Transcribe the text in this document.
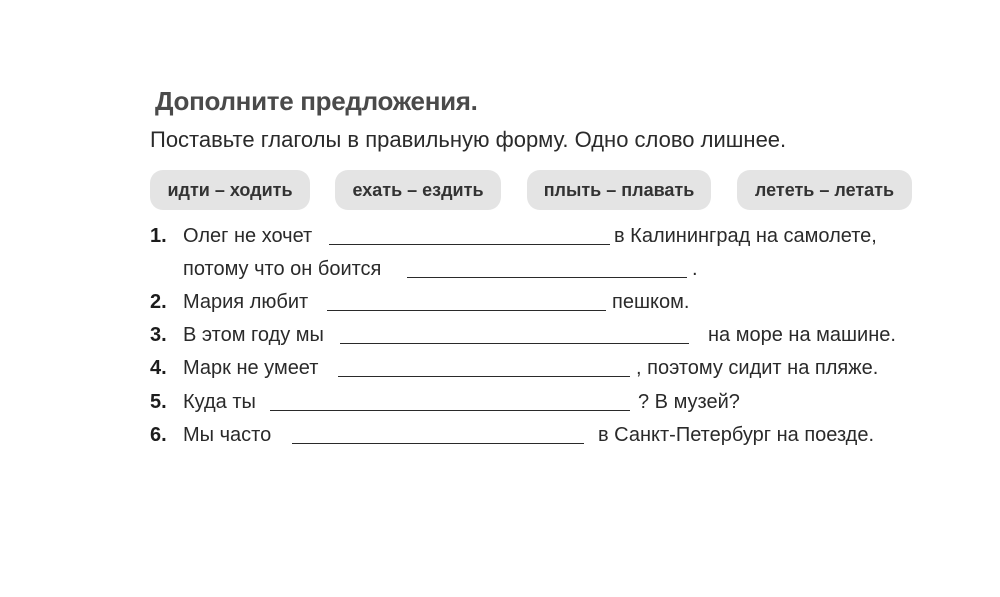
Дополните предложения.
Поставьте глаголы в правильную форму. Одно слово лишнее.
идти – ходить	ехать – ездить	плыть – плавать	лететь – летать
1. Олег не хочет	в Калининград на самолете,
потому что он боится	.
2. Мария любит	пешком.
3. В этом году мы	на море на машине.
4. Марк не умеет	, поэтому сидит на пляже.
5. Куда ты	? В музей?
6. Мы часто	в Санкт-Петербург на поезде.
